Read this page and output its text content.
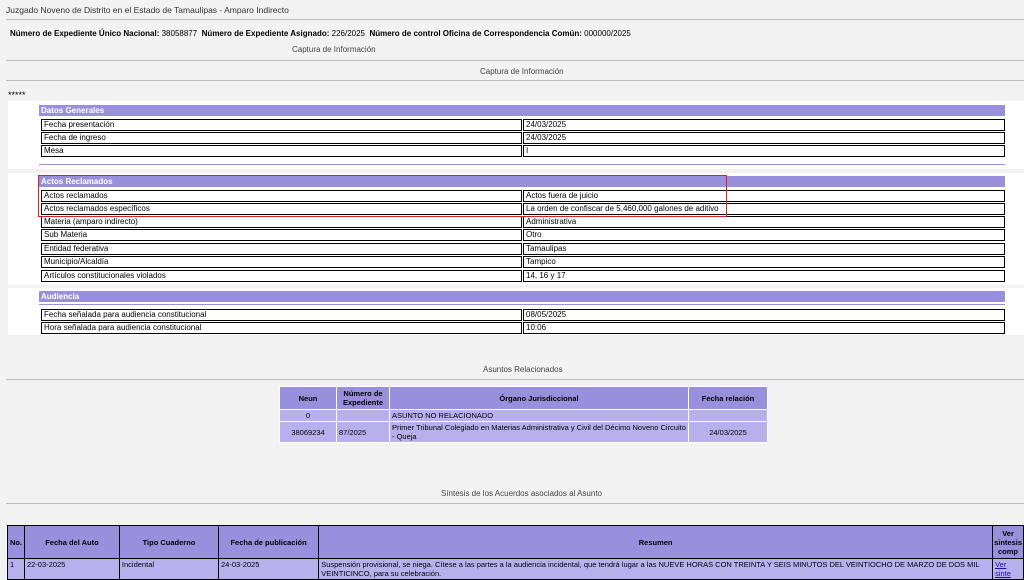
Juzgado Noveno de Distrito en el Estado de Tamaulipas - Amparo Indirecto
Número de Expediente Único Nacional: 38058877 Número de Expediente Asignado: 226/2025 Número de control Oficina de Correspondencia Común: 000000/2025
Captura de Información
Captura de Información
*****
Datos Generales
Fecha presentación	24/03/2025
Fecha de ingreso	24/03/2025
Mesa	I
Actos Reclamados
Actos reclamados	Actos fuera de juicio
Actos reclamados específicos	La orden de confiscar de 5,460,000 galones de aditivo
Materia (amparo indirecto)	Administrativa
Sub Materia	Otro
Entidad federativa	Tamaulipas
Municipio/Alcaldía	Tampico
Artículos constitucionales violados	14, 16 y 17
Audiencia
Fecha señalada para audiencia constitucional	08/05/2025
Hora señalada para audiencia constitucional	10:06
Asuntos Relacionados
Neun	Número de Expediente	Órgano Jurisdiccional	Fecha relación
0		ASUNTO NO RELACIONADO	
38069234	87/2025	Primer Tribunal Colegiado en Materias Administrativa y Civil del Décimo Noveno Circuito - Queja	24/03/2025
Síntesis de los Acuerdos asociados al Asunto
No.	Fecha del Auto	Tipo Cuaderno	Fecha de publicación	Resumen	Ver sintesis comp
1	22-03-2025	Incidental	24-03-2025	Suspensión provisional, se niega. Cítese a las partes a la audiencia incidental, que tendrá lugar a las NUEVE HORAS CON TREINTA Y SEIS MINUTOS DEL VEINTIOCHO DE MARZO DE DOS MIL VEINTICINCO, para su celebración.	Ver sinte
